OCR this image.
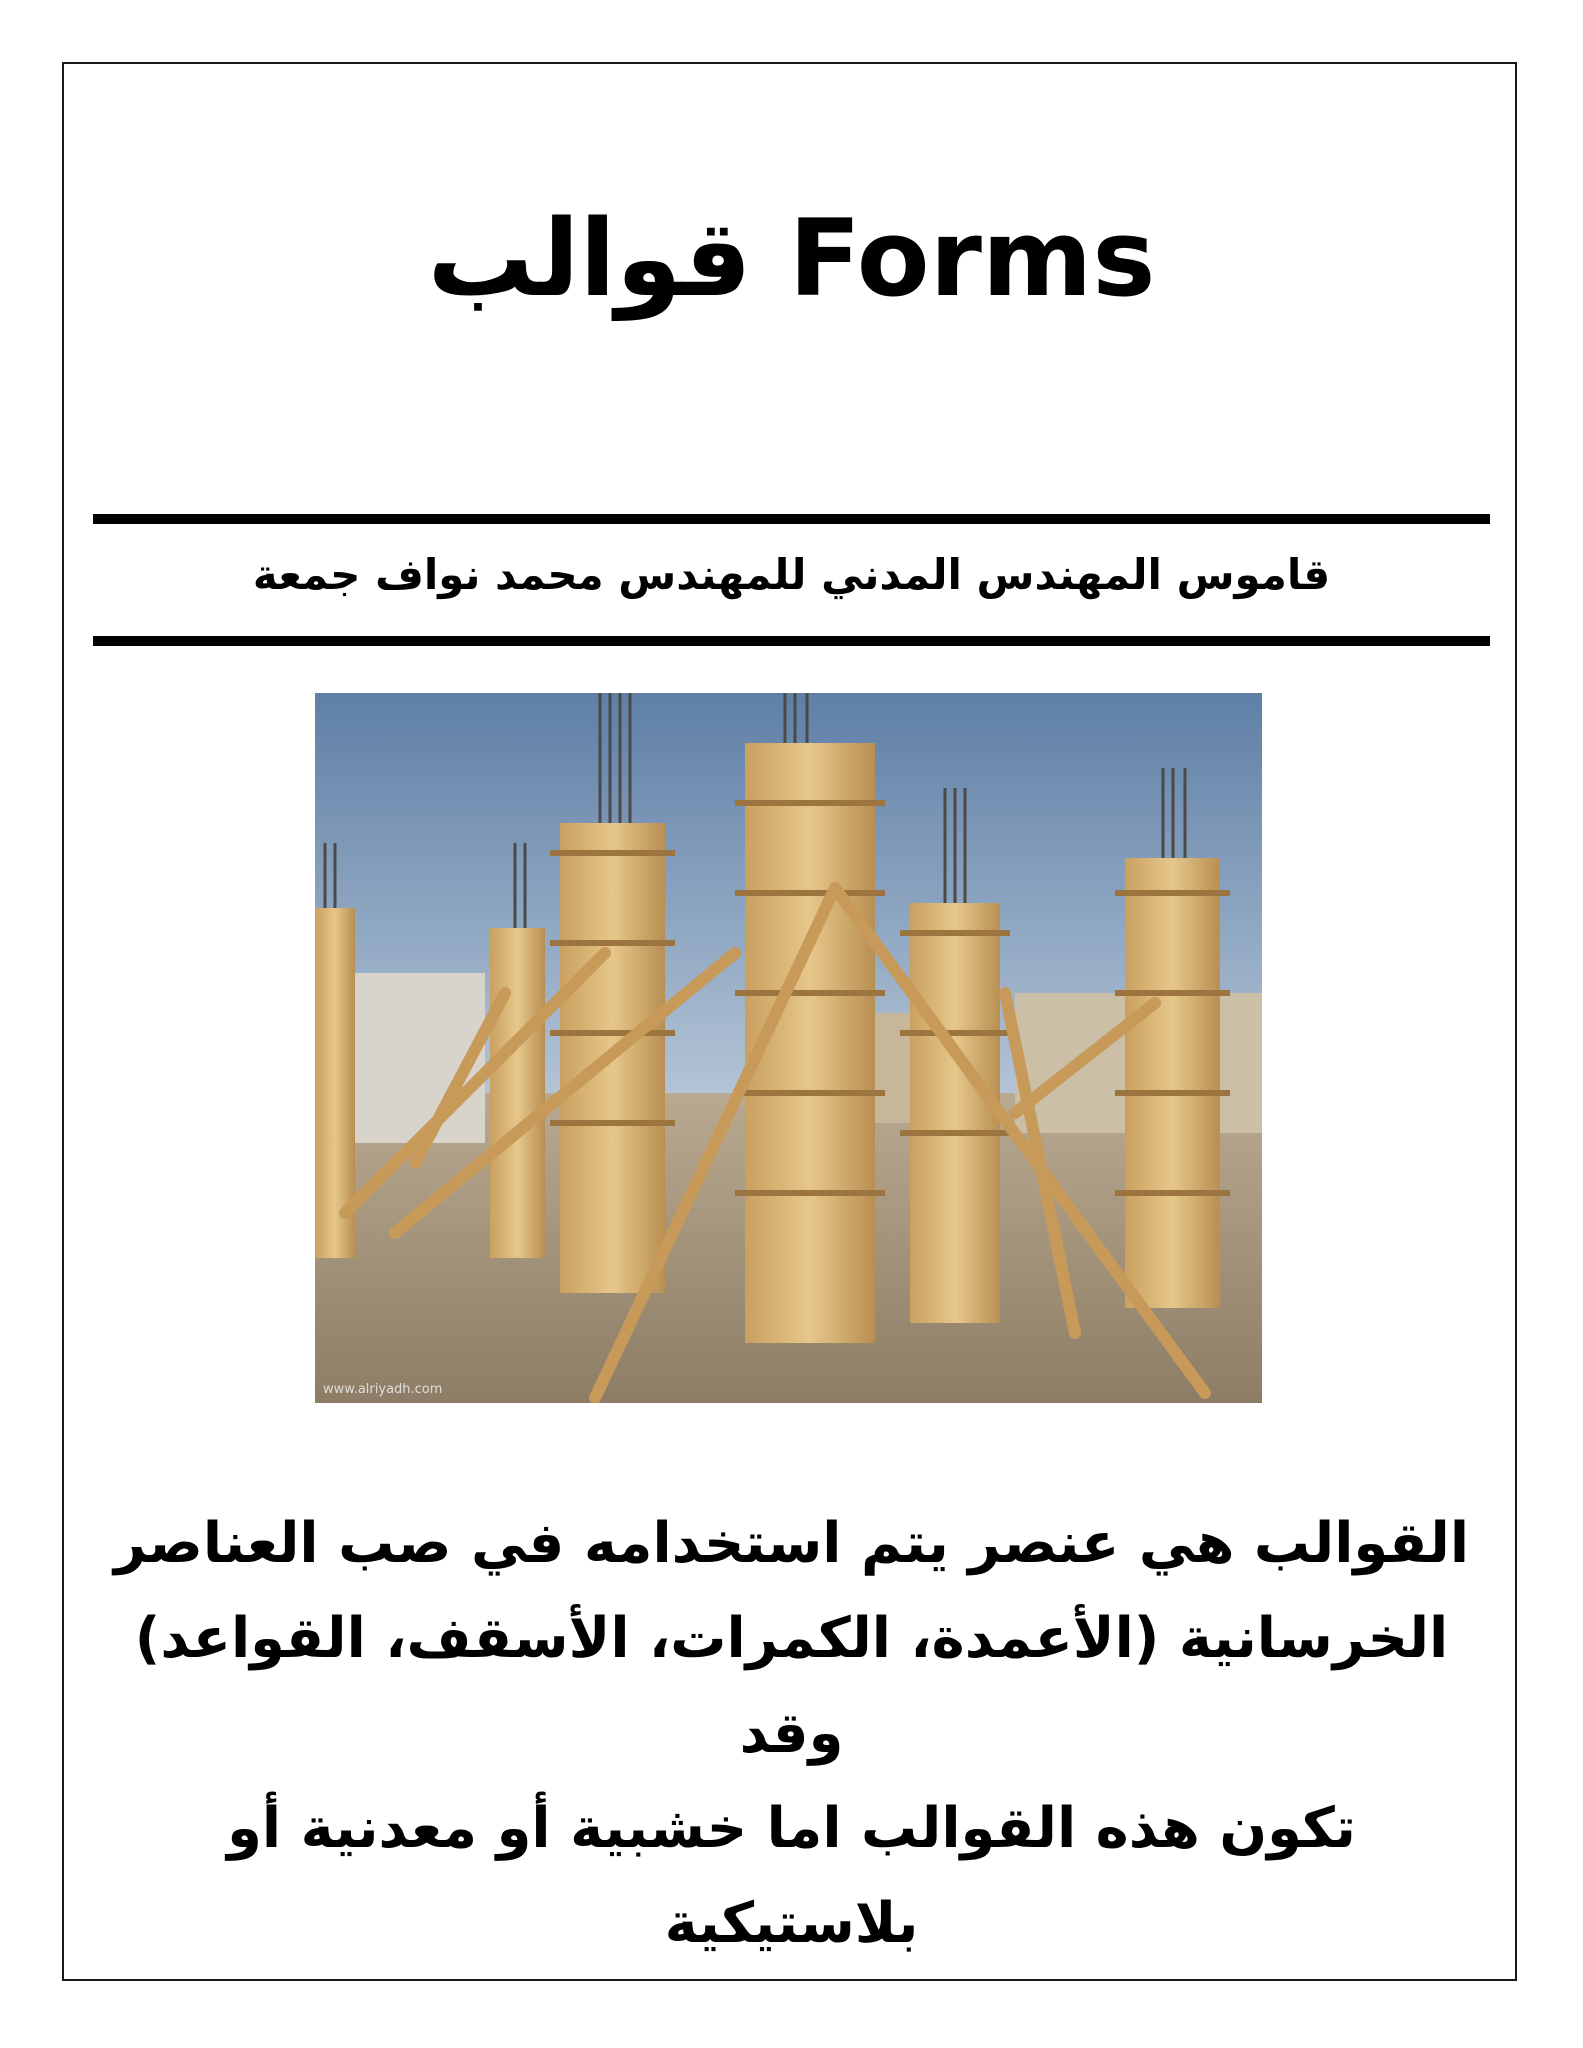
قوالب Forms

قاموس المهندس المدني للمهندس محمد نواف جمعة

www.alriyadh.com

القوالب هي عنصر يتم استخدامه في صب العناصر
الخرسانية (الأعمدة، الكمرات، الأسقف، القواعد) وقد
تكون هذه القوالب اما خشبية أو معدنية أو بلاستيكية
